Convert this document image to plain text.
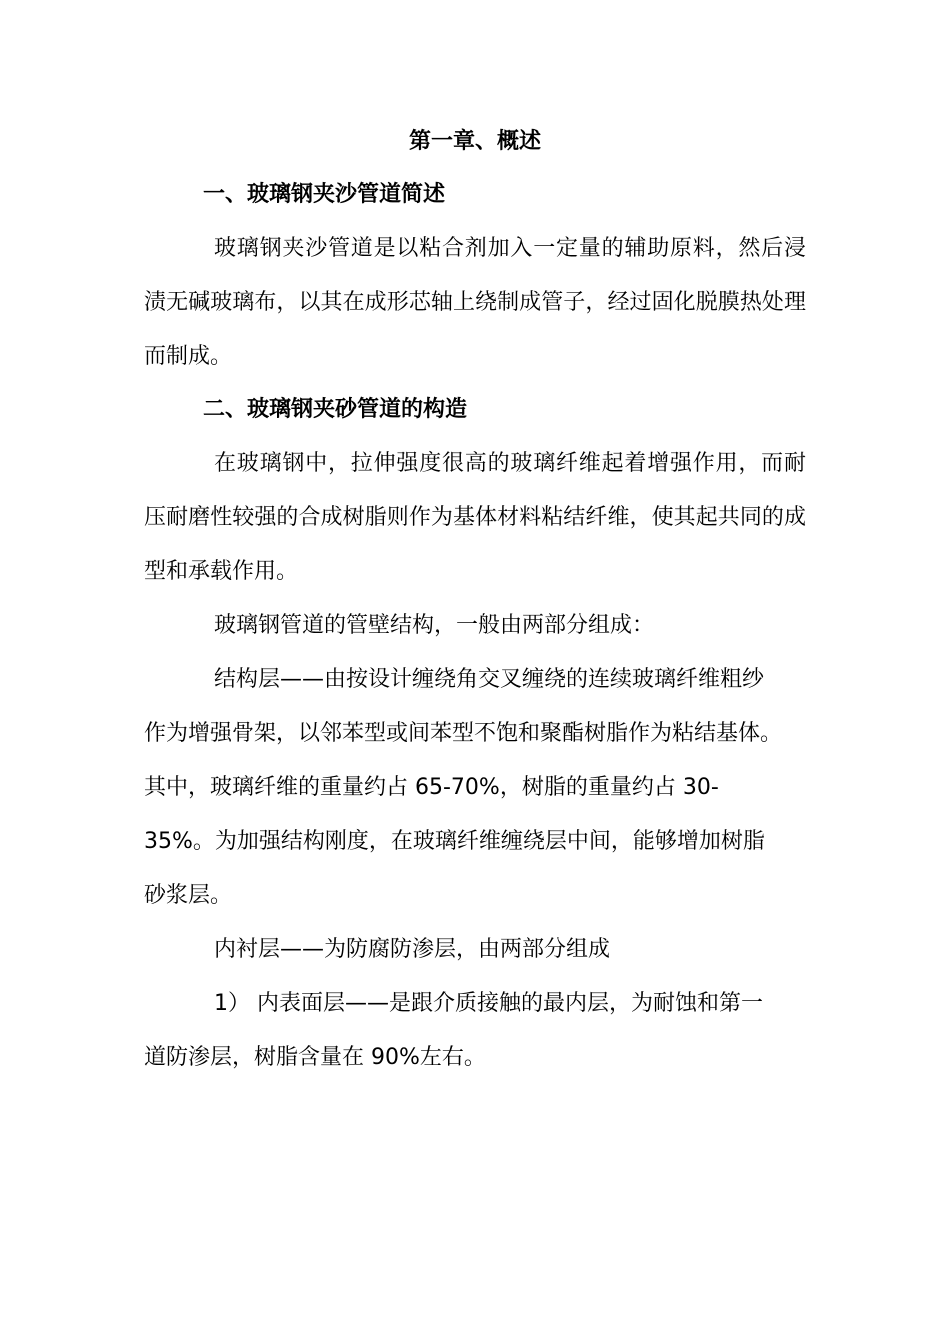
第一章、概述
一、玻璃钢夹沙管道简述

玻璃钢夹沙管道是以粘合剂加入一定量的辅助原料，然后浸渍无碱玻璃布，以其在成形芯轴上绕制成管子，经过固化脱膜热处理而制成。

二、玻璃钢夹砂管道的构造

在玻璃钢中，拉伸强度很高的玻璃纤维起着增强作用，而耐压耐磨性较强的合成树脂则作为基体材料粘结纤维，使其起共同的成型和承载作用。

玻璃钢管道的管壁结构，一般由两部分组成：

结构层——由按设计缠绕角交叉缠绕的连续玻璃纤维粗纱
作为增强骨架，以邻苯型或间苯型不饱和聚酯树脂作为粘结基体。
其中，玻璃纤维的重量约占 65-70%，树脂的重量约占 30-
35%。为加强结构刚度，在玻璃纤维缠绕层中间，能够增加树脂
砂浆层。
内衬层——为防腐防渗层，由两部分组成
1） 内表面层——是跟介质接触的最内层，为耐蚀和第一
道防渗层，树脂含量在 90%左右。
